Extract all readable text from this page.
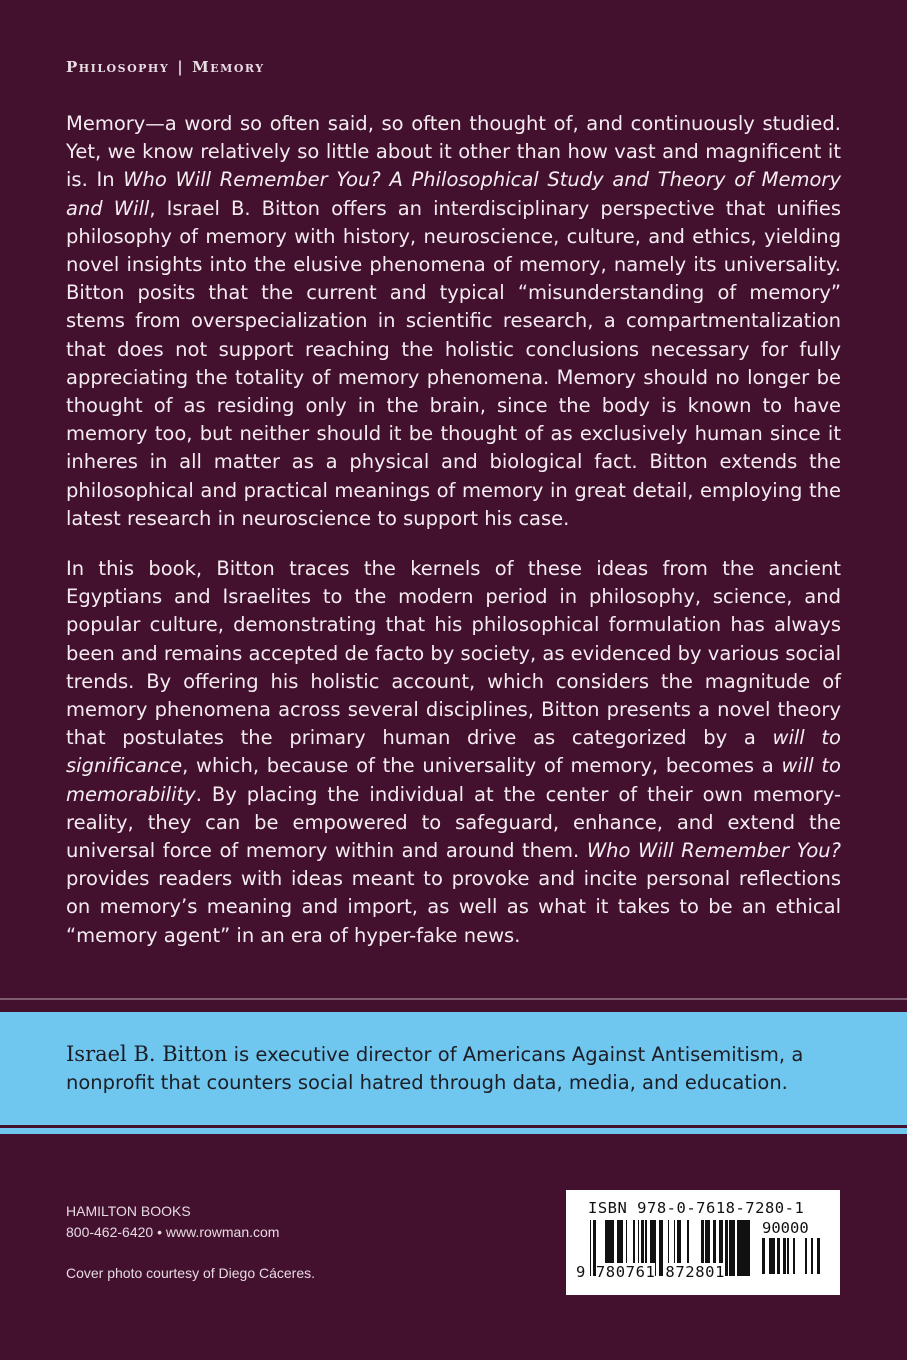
Philosophy | Memory

Memory—a word so often said, so often thought of, and continuously studied. Yet, we know relatively so little about it other than how vast and magnificent it is. In Who Will Remember You? A Philosophical Study and Theory of Memory and Will, Israel B. Bitton offers an interdisciplinary perspective that unifies philosophy of memory with history, neuroscience, culture, and ethics, yielding novel insights into the elusive phenomena of memory, namely its universality. Bitton posits that the current and typical “misunderstanding of memory” stems from overspecialization in scientific research, a compartmentalization that does not support reaching the holistic conclusions necessary for fully appreciating the totality of memory phenomena. Memory should no longer be thought of as residing only in the brain, since the body is known to have memory too, but neither should it be thought of as exclusively human since it inheres in all matter as a physical and biological fact. Bitton extends the philosophical and practical meanings of memory in great detail, employing the latest research in neuroscience to support his case.

In this book, Bitton traces the kernels of these ideas from the ancient Egyptians and Israelites to the modern period in philosophy, science, and popular culture, demonstrating that his philosophical formulation has always been and remains accepted de facto by society, as evidenced by various social trends. By offering his holistic account, which considers the magnitude of memory phenomena across several disciplines, Bitton presents a novel theory that postulates the primary human drive as categorized by a will to significance, which, because of the universality of memory, becomes a will to memorability. By placing the individual at the center of their own memory-reality, they can be empowered to safeguard, enhance, and extend the universal force of memory within and around them. Who Will Remember You? provides readers with ideas meant to provoke and incite personal reflections on memory’s meaning and import, as well as what it takes to be an ethical “memory agent” in an era of hyper-fake news.

Israel B. Bitton is executive director of Americans Against Antisemitism, a nonprofit that counters social hatred through data, media, and education.
HAMILTON BOOKS
800-462-6420 • www.rowman.com
Cover photo courtesy of Diego Cáceres.
ISBN 978-0-7618-7280-1
90000
9 780761 872801
